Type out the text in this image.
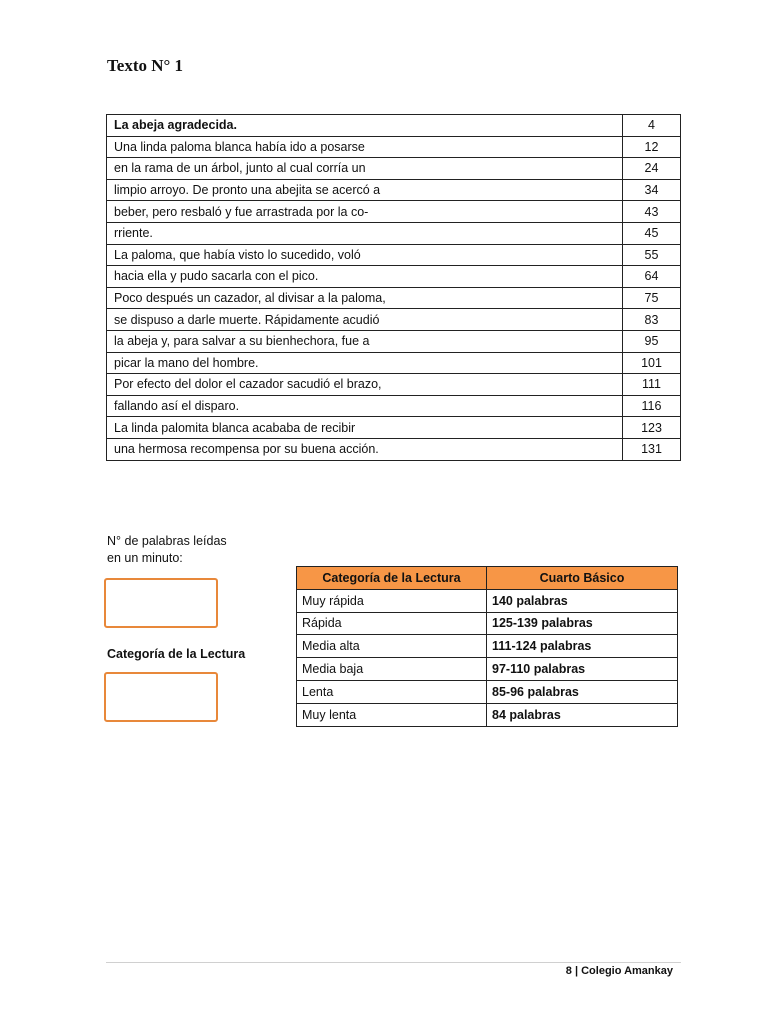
Texto N° 1
La abeja agradecida.	4
Una linda paloma blanca había ido a posarse	12
en la rama de un árbol, junto al cual corría un	24
limpio arroyo. De pronto una abejita se acercó a	34
beber, pero resbaló y fue arrastrada por la co-	43
rriente.	45
La paloma, que había visto lo sucedido, voló	55
hacia ella y pudo sacarla con el pico.	64
Poco después un cazador, al divisar a la paloma,	75
se dispuso a darle muerte. Rápidamente acudió	83
la abeja y, para salvar a su bienhechora, fue a	95
picar la mano del hombre.	101
Por efecto del dolor el cazador sacudió el brazo,	111
fallando así el disparo.	116
La linda palomita blanca acababa de recibir	123
una hermosa recompensa por su buena acción.	131
N° de palabras leídas
en un minuto:
Categoría de la Lectura
Categoría de la Lectura	Cuarto Básico
Muy rápida	140 palabras
Rápida	125-139 palabras
Media alta	111-124 palabras
Media baja	97-110 palabras
Lenta	85-96 palabras
Muy lenta	84 palabras
8 | Colegio Amankay
